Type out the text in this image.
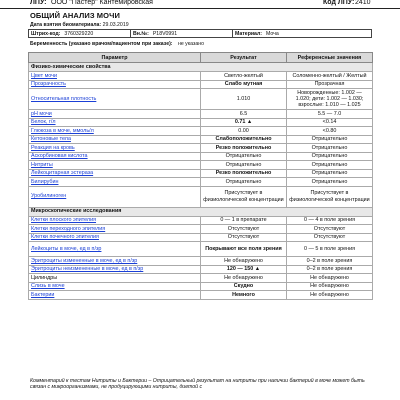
ЛПУ: ООО "Пастер" Кантемировская	Код ЛПУ: 2410
ОБЩИЙ АНАЛИЗ МОЧИ
Дата взятия биоматериала: 29.03.2019
Штрих-код: 3760329220	Вн.№: P18V0991	Материал: Моча
Беременность (указано врачом/пациентом при заказе): не указано
Параметр	Результат	Референсные значения
Физико-химические свойства		
Цвет мочи	Светло-желтый	Соломенно-желтый / Желтый
Прозрачность	Слабо мутная	Прозрачная
Относительная плотность	1.010	Новорожденные: 1.002 — 1.020; дети: 1.002 — 1.030; взрослые: 1.010 — 1.025
pH мочи	6.5	5.5 — 7.0
Белок, г/л	0.71 ▲	<0.14
Глюкоза в моче, ммоль/л	0.00	<0.80
Кетоновые тела	Слабоположительно	Отрицательно
Реакция на кровь	Резко положительно	Отрицательно
Аскорбиновая кислота	Отрицательно	Отрицательно
Нитриты	Отрицательно	Отрицательно
Лейкоцитарная эстераза	Резко положительно	Отрицательно
Билирубин	Отрицательно	Отрицательно
Уробилиноген	Присутствует в физиологической концентрации	Присутствует в физиологической концентрации
Микроскопические исследования		
Клетки плоского эпителия	0 — 1 в препарате	0 — 4 в поле зрения
Клетки переходного эпителия	Отсутствуют	Отсутствуют
Клетки почечного эпителия	Отсутствуют	Отсутствуют
Лейкоциты в моче, ед в п/зр	Покрывают все поля зрения	0 — 5 в поле зрения
Эритроциты измененные в моче, ед в п/зр	Не обнаружено	0–2 в поле зрения
Эритроциты неизмененные в моче, ед в п/зр	120 — 150 ▲	0–2 в поле зрения
Цилиндры	Не обнаружено	Не обнаружено
Слизь в моче	Скудно	Не обнаружено
Бактерии	Немного	Не обнаружено
Комментарий к тестам Нитриты и Бактерии – Отрицательный результат на нитриты при наличии бактерий в моче может быть связан с микроорганизмами, не продуцирующими нитриты, диетой с
